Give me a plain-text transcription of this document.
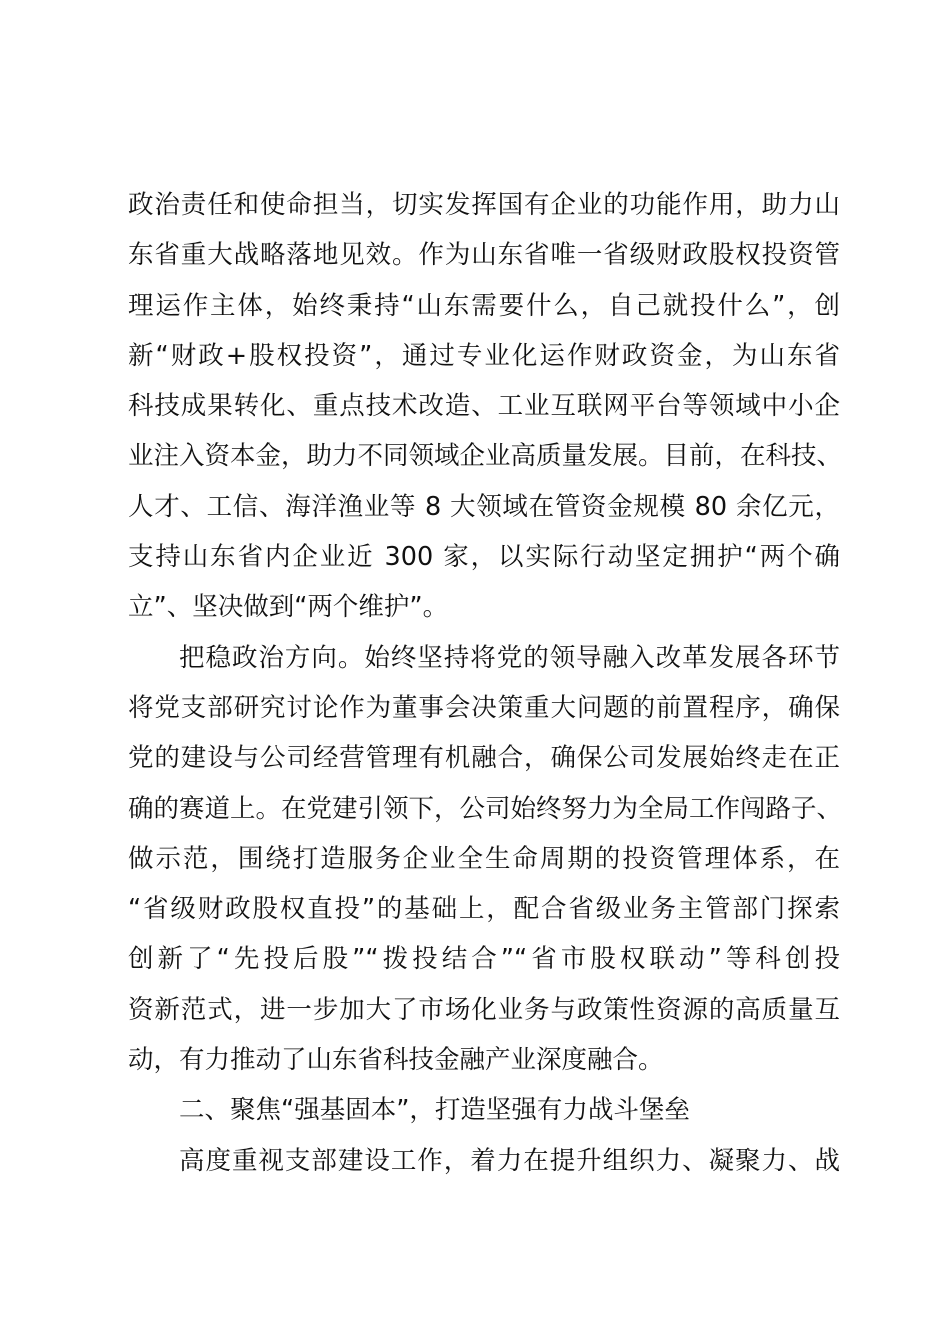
政治责任和使命担当，切实发挥国有企业的功能作用，助力山
东省重大战略落地见效。作为山东省唯一省级财政股权投资管
理运作主体，始终秉持“山东需要什么，自己就投什么”，创
新“财政+股权投资”，通过专业化运作财政资金，为山东省
科技成果转化、重点技术改造、工业互联网平台等领域中小企
业注入资本金，助力不同领域企业高质量发展。目前，在科技、
人才、工信、海洋渔业等 8 大领域在管资金规模 80 余亿元，
支持山东省内企业近 300 家，以实际行动坚定拥护“两个确
立”、坚决做到“两个维护”。
把稳政治方向。始终坚持将党的领导融入改革发展各环节
将党支部研究讨论作为董事会决策重大问题的前置程序，确保
党的建设与公司经营管理有机融合，确保公司发展始终走在正
确的赛道上。在党建引领下，公司始终努力为全局工作闯路子、
做示范，围绕打造服务企业全生命周期的投资管理体系，在
“省级财政股权直投”的基础上，配合省级业务主管部门探索
创新了“先投后股”“拨投结合”“省市股权联动”等科创投
资新范式，进一步加大了市场化业务与政策性资源的高质量互
动，有力推动了山东省科技金融产业深度融合。
二、聚焦“强基固本”，打造坚强有力战斗堡垒
高度重视支部建设工作，着力在提升组织力、凝聚力、战
